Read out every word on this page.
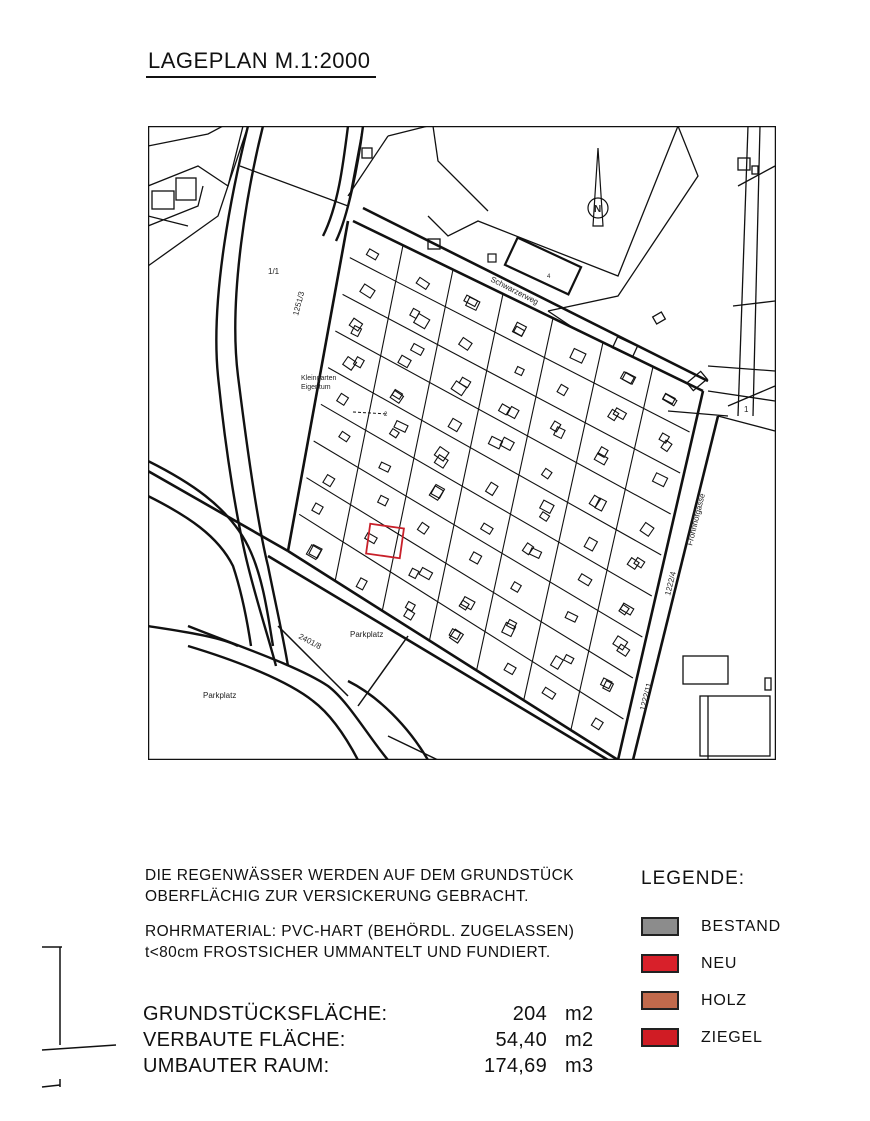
LAGEPLAN M.1:2000
4
N
1/1
1251/3	Schwarzerweg
1
Frohnhofgasse
1222/4
1222/11
2401/8
Kleingarten
Eigentum
2
Parkplatz
Parkplatz

DIE REGENWÄSSER WERDEN AUF DEM GRUNDSTÜCK

OBERFLÄCHIG ZUR VERSICKERUNG GEBRACHT.

ROHRMATERIAL: PVC-HART (BEHÖRDL. ZUGELASSEN)

t<80cm FROSTSICHER UMMANTELT UND FUNDIERT.

GRUNDSTÜCKSFLÄCHE:	204 m2
VERBAUTE FLÄCHE:	54,40 m2
UMBAUTER RAUM:	174,69 m3
LEGENDE:
BESTAND
NEU
HOLZ
ZIEGEL
